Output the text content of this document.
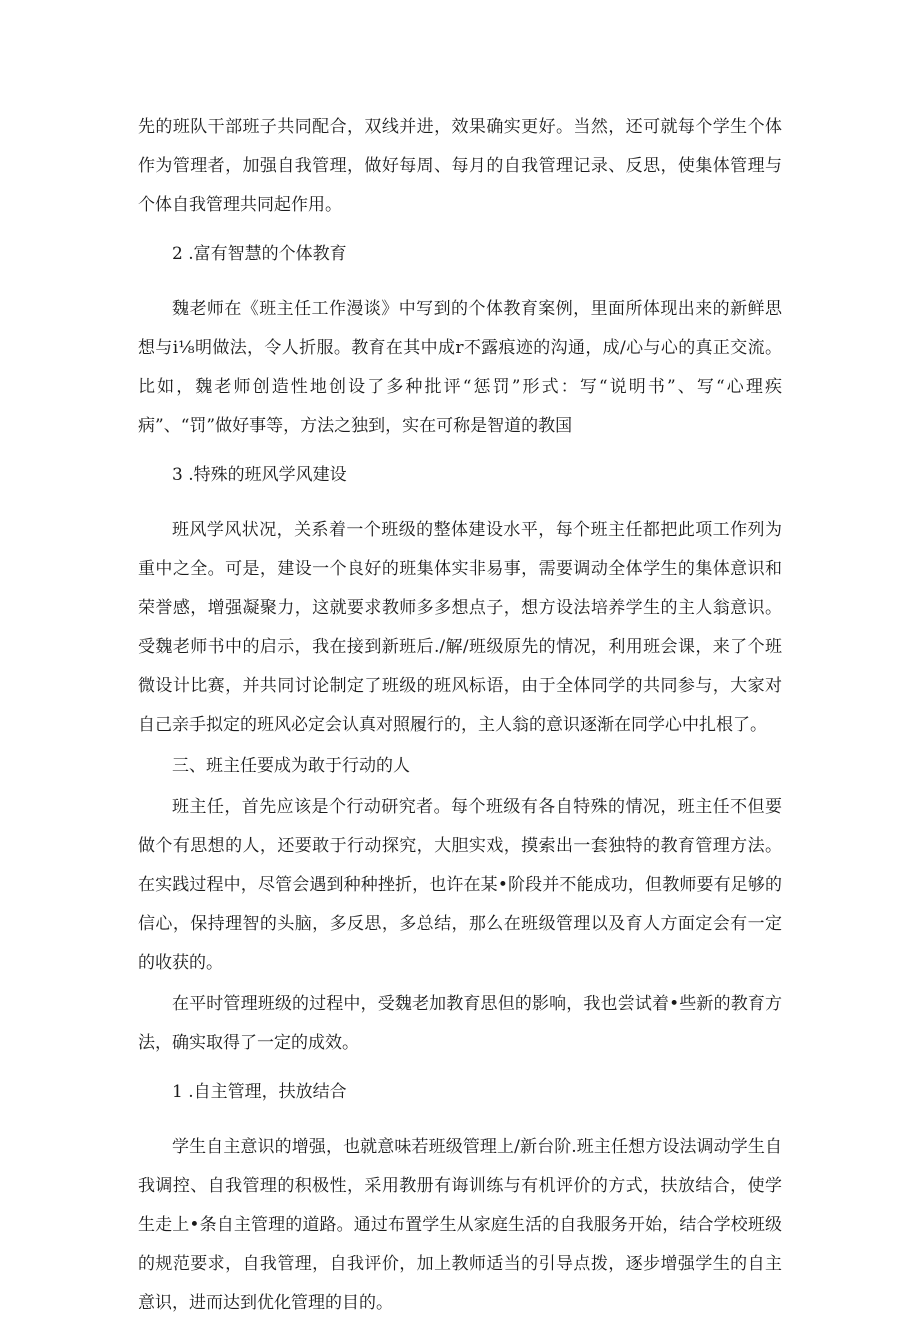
先的班队干部班子共同配合，双线并进，效果确实更好。当然，还可就每个学生个体作为管理者，加强自我管理，做好每周、每月的自我管理记录、反思，使集体管理与个体自我管理共同起作用。

2 .富有智慧的个体教育

魏老师在《班主任工作漫谈》中写到的个体教育案例，里面所体现出来的新鲜思想与i⅛明做法，令人折服。教育在其中成r不露痕迹的沟通，成/心与心的真正交流。比如，魏老师创造性地创设了多种批评“惩罚”形式：写“说明书”、写“心理疾病”、“罚”做好事等，方法之独到，实在可称是智道的教国

3 .特殊的班风学风建设

班风学风状况，关系着一个班级的整体建设水平，每个班主任都把此项工作列为重中之全。可是，建设一个良好的班集体实非易事，需要调动全体学生的集体意识和荣誉感，增强凝聚力，这就要求教师多多想点子，想方设法培养学生的主人翁意识。受魏老师书中的启示，我在接到新班后./解/班级原先的情况，利用班会课，来了个班微设计比赛，并共同讨论制定了班级的班风标语，由于全体同学的共同参与，大家对自己亲手拟定的班风必定会认真对照履行的，主人翁的意识逐渐在同学心中扎根了。

三、班主任要成为敢于行动的人

班主任，首先应该是个行动研究者。每个班级有各自特殊的情况，班主任不但要做个有思想的人，还要敢于行动探究，大胆实戏，摸索出一套独特的教育管理方法。在实践过程中，尽管会遇到种种挫折，也许在某•阶段并不能成功，但教师要有足够的信心，保持理智的头脑，多反思，多总结，那么在班级管理以及育人方面定会有一定的收获的。

在平时管理班级的过程中，受魏老加教育思但的影响，我也尝试着•些新的教育方法，确实取得了一定的成效。

1 .自主管理，扶放结合

学生自主意识的增强，也就意味若班级管理上/新台阶.班主任想方设法调动学生自我调控、自我管理的积极性，采用教册有诲训练与有机评价的方式，扶放结合，使学生走上•条自主管理的道路。通过布置学生从家庭生活的自我服务开始，结合学校班级的规范要求，自我管理，自我评价，加上教师适当的引导点拨，逐步增强学生的自主意识，进而达到优化管理的目的。
